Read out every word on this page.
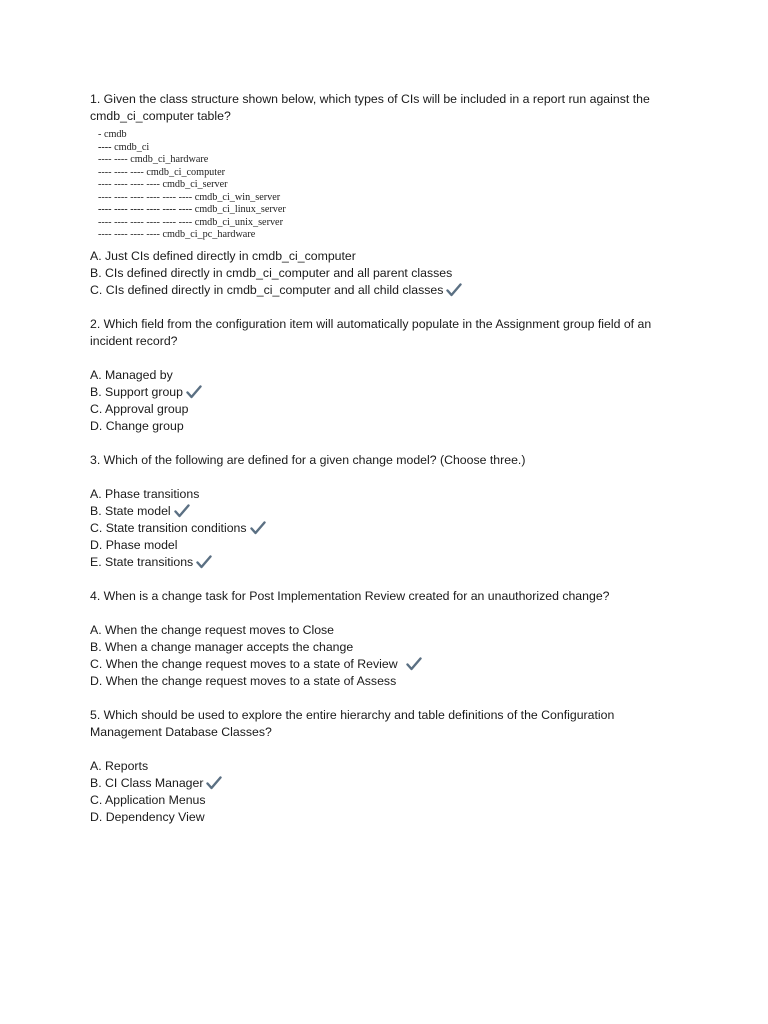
1. Given the class structure shown below, which types of CIs will be included in a report run against the cmdb_ci_computer table?

- cmdb
---- cmdb_ci
---- ---- cmdb_ci_hardware
---- ---- ---- cmdb_ci_computer
---- ---- ---- ---- cmdb_ci_server
---- ---- ---- ---- ---- ---- cmdb_ci_win_server
---- ---- ---- ---- ---- ---- cmdb_ci_linux_server
---- ---- ---- ---- ---- ---- cmdb_ci_unix_server
---- ---- ---- ---- cmdb_ci_pc_hardware
A. Just CIs defined directly in cmdb_ci_computer
B. CIs defined directly in cmdb_ci_computer and all parent classes
C. CIs defined directly in cmdb_ci_computer and all child classes

2. Which field from the configuration item will automatically populate in the Assignment group field of an incident record?

A. Managed by
B. Support group
C. Approval group
D. Change group

3. Which of the following are defined for a given change model? (Choose three.)

A. Phase transitions
B. State model
C. State transition conditions
D. Phase model
E. State transitions

4. When is a change task for Post Implementation Review created for an unauthorized change?

A. When the change request moves to Close
B. When a change manager accepts the change
C. When the change request moves to a state of Review
D. When the change request moves to a state of Assess

5. Which should be used to explore the entire hierarchy and table definitions of the Configuration Management Database Classes?

A. Reports
B. CI Class Manager
C. Application Menus
D. Dependency View
